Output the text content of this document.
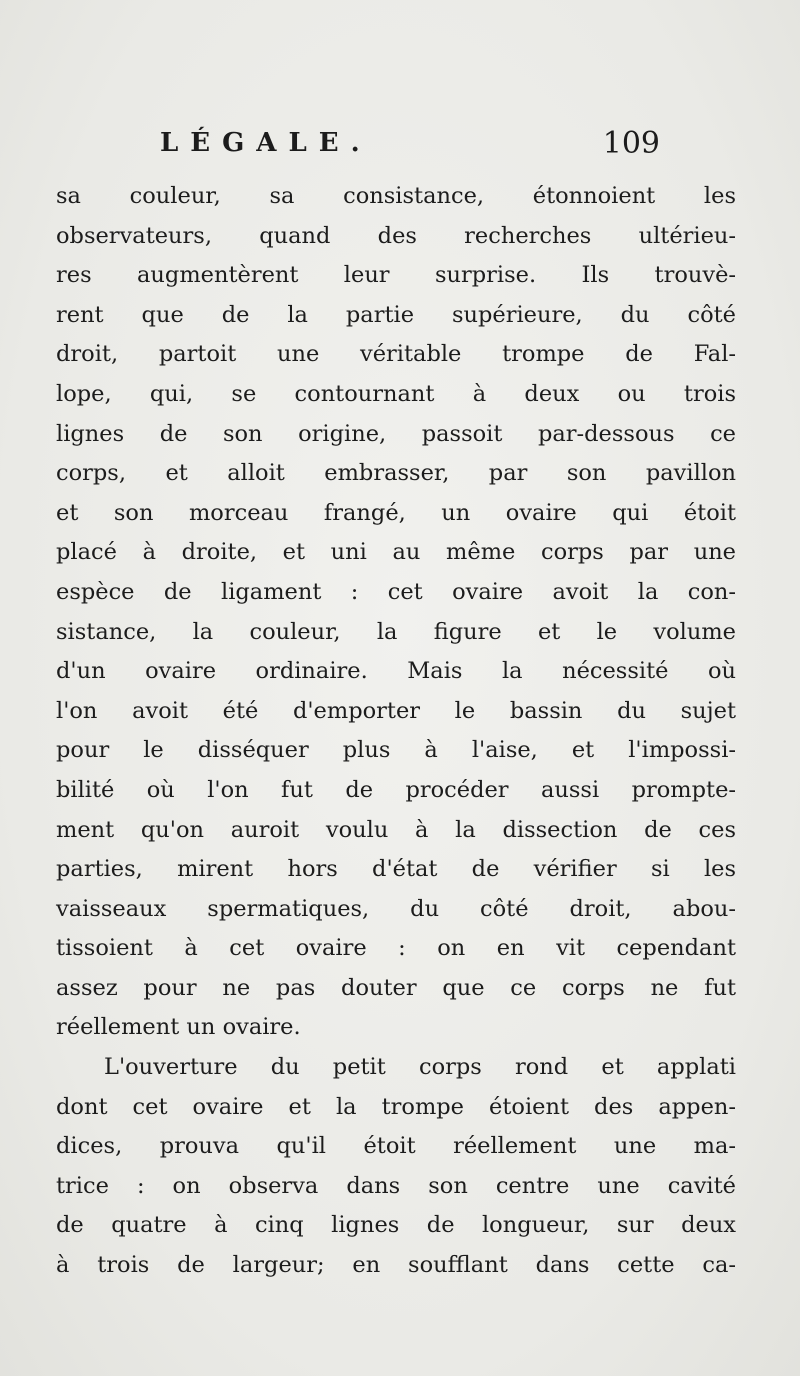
LÉGALE.	109
sa couleur, sa consistance, étonnoient les
observateurs, quand des recherches ultérieu-
res augmentèrent leur surprise. Ils trouvè-
rent que de la partie supérieure, du côté
droit, partoit une véritable trompe de Fal-
lope, qui, se contournant à deux ou trois
lignes de son origine, passoit par-dessous ce
corps, et alloit embrasser, par son pavillon
et son morceau frangé, un ovaire qui étoit
placé à droite, et uni au même corps par une
espèce de ligament : cet ovaire avoit la con-
sistance, la couleur, la figure et le volume
d'un ovaire ordinaire. Mais la nécessité où
l'on avoit été d'emporter le bassin du sujet
pour le disséquer plus à l'aise, et l'impossi-
bilité où l'on fut de procéder aussi prompte-
ment qu'on auroit voulu à la dissection de ces
parties, mirent hors d'état de vérifier si les
vaisseaux spermatiques, du côté droit, abou-
tissoient à cet ovaire : on en vit cependant
assez pour ne pas douter que ce corps ne fut
réellement un ovaire.
L'ouverture du petit corps rond et applati
dont cet ovaire et la trompe étoient des appen-
dices, prouva qu'il étoit réellement une ma-
trice : on observa dans son centre une cavité
de quatre à cinq lignes de longueur, sur deux
à trois de largeur; en soufflant dans cette ca-
